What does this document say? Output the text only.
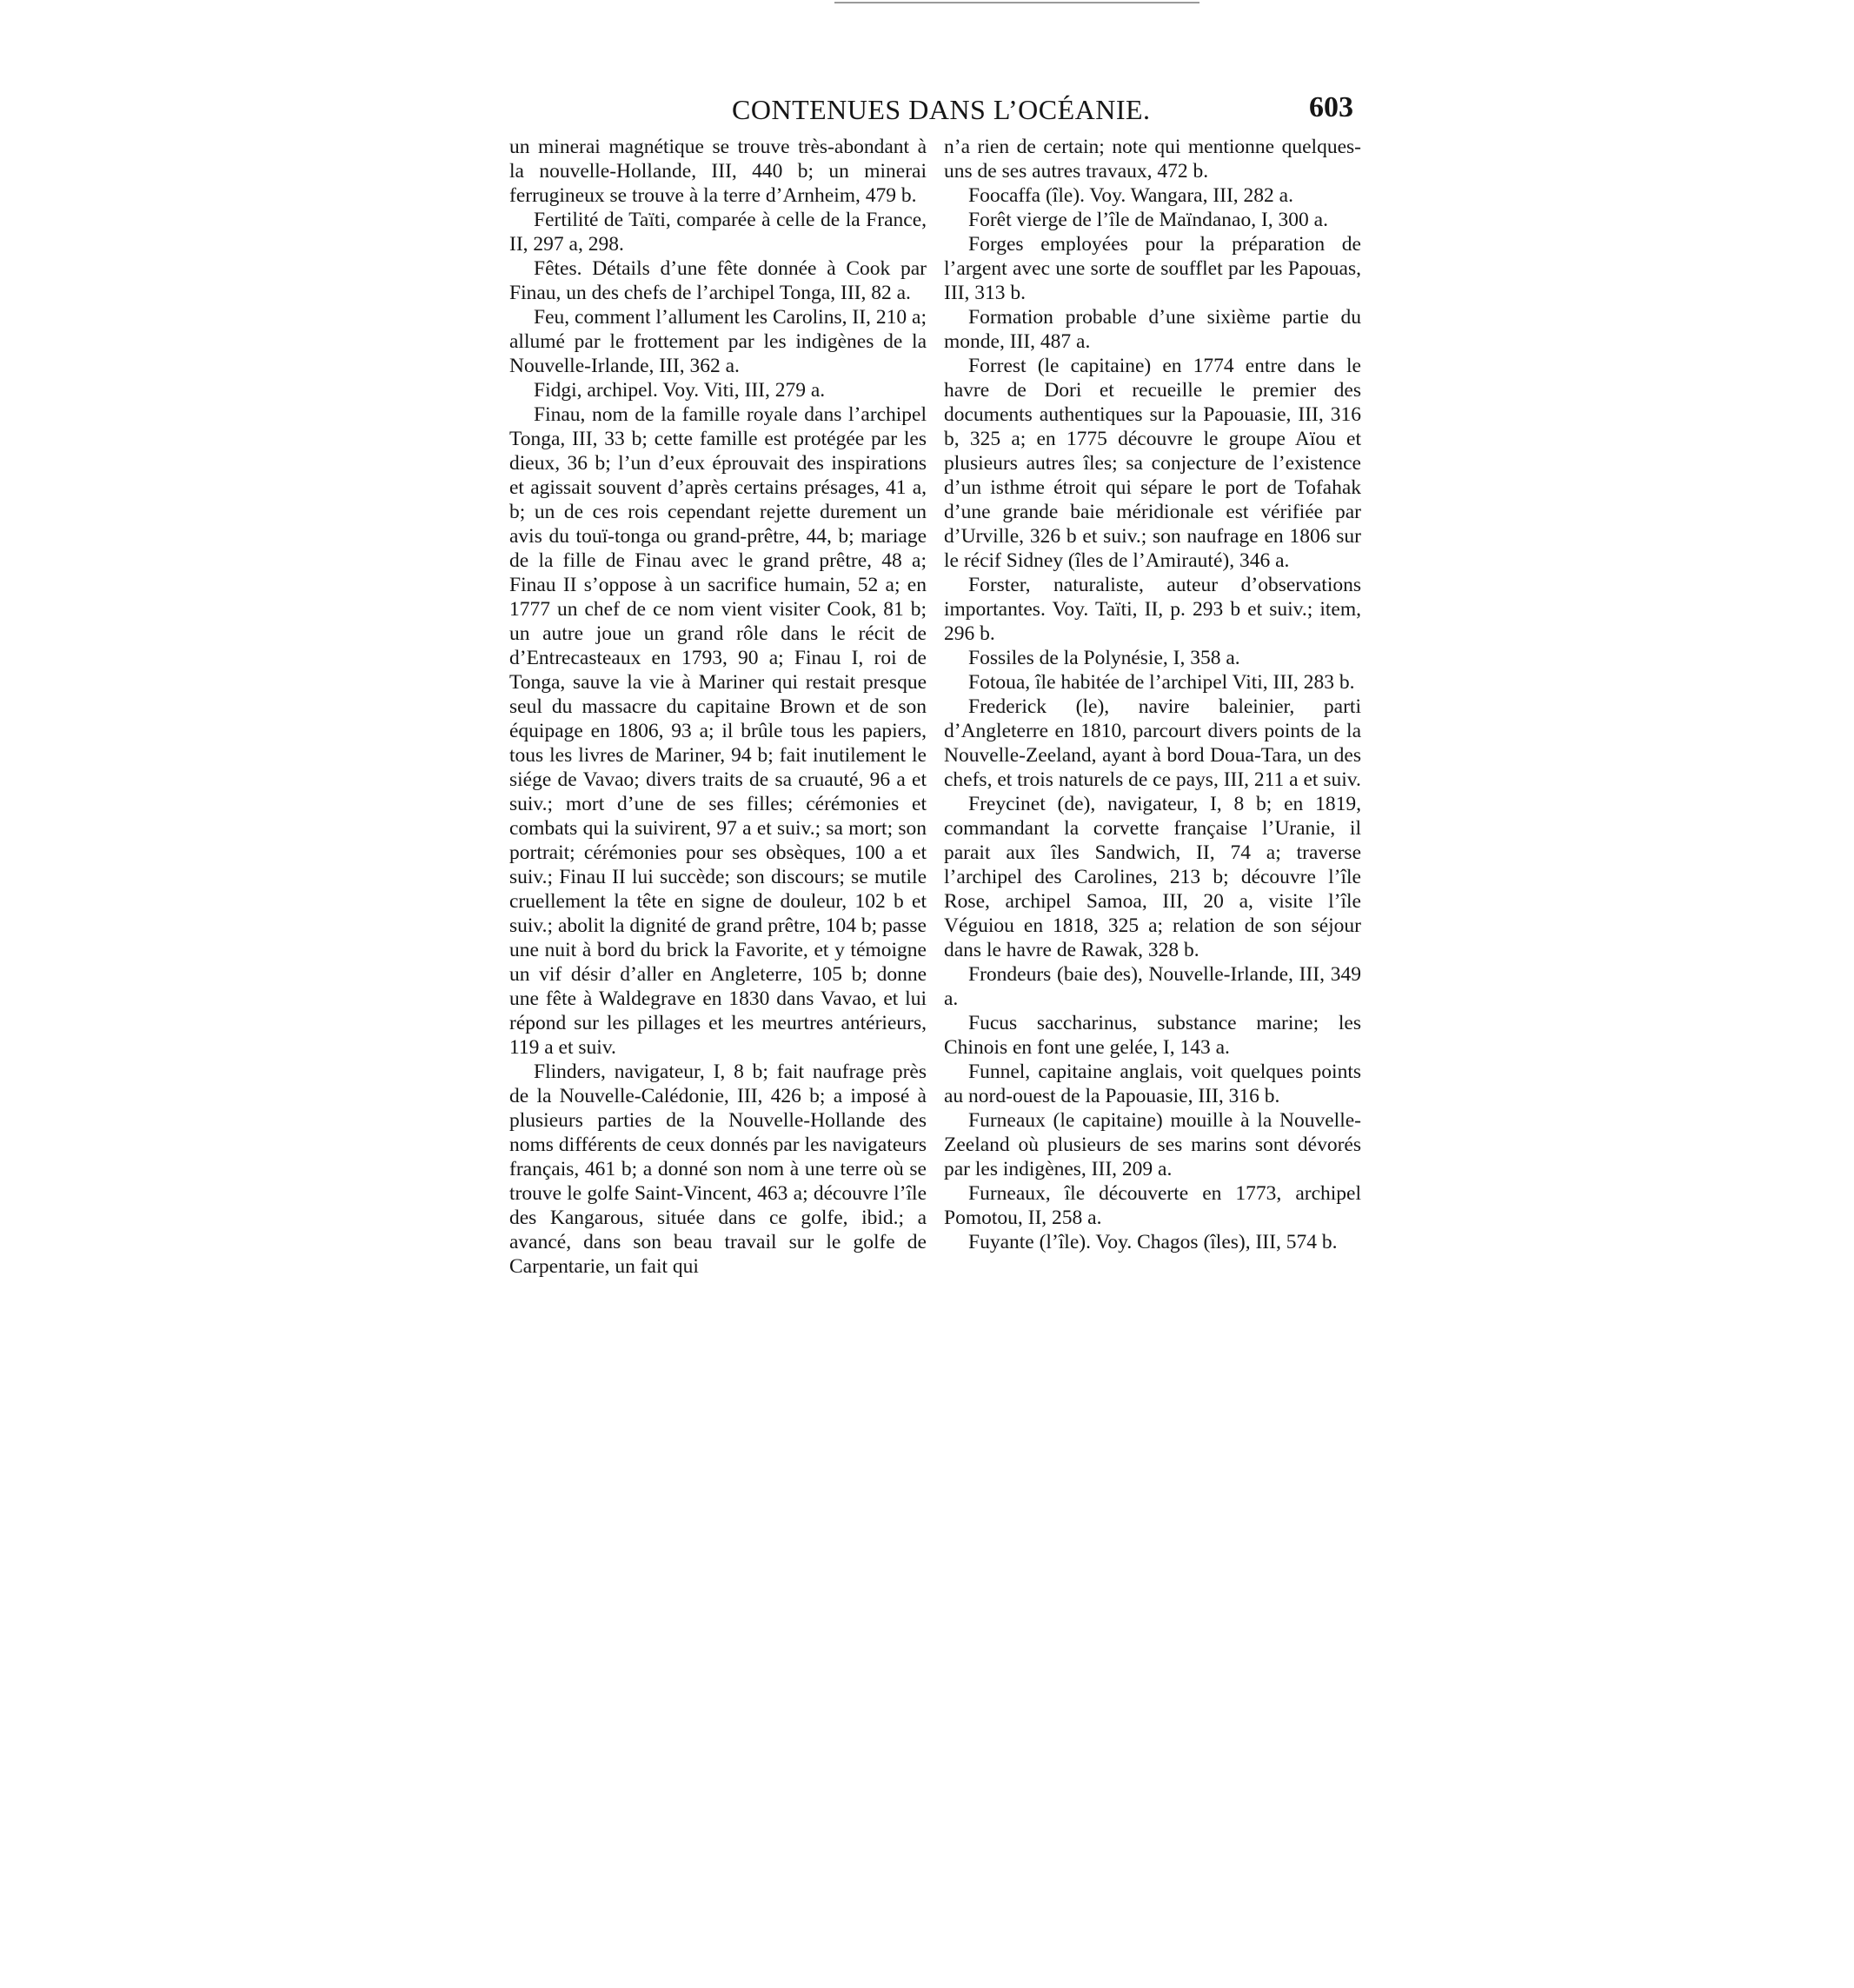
CONTENUES DANS L’OCÉANIE.	603

un minerai magnétique se trouve très-abondant à la nouvelle-Hollande, III, 440 b; un minerai ferrugineux se trouve à la terre d’Arnheim, 479 b.

Fertilité de Taïti, comparée à celle de la France, II, 297 a, 298.

Fêtes. Détails d’une fête donnée à Cook par Finau, un des chefs de l’archipel Tonga, III, 82 a.

Feu, comment l’allument les Carolins, II, 210 a; allumé par le frottement par les indigènes de la Nouvelle-Irlande, III, 362 a.

Fidgi, archipel. Voy. Viti, III, 279 a.

Finau, nom de la famille royale dans l’archipel Tonga, III, 33 b; cette famille est protégée par les dieux, 36 b; l’un d’eux éprouvait des inspirations et agissait souvent d’après certains présages, 41 a, b; un de ces rois cependant rejette durement un avis du touï-tonga ou grand-prêtre, 44, b; mariage de la fille de Finau avec le grand prêtre, 48 a; Finau II s’oppose à un sacrifice humain, 52 a; en 1777 un chef de ce nom vient visiter Cook, 81 b; un autre joue un grand rôle dans le récit de d’Entrecasteaux en 1793, 90 a; Finau I, roi de Tonga, sauve la vie à Mariner qui restait presque seul du massacre du capitaine Brown et de son équipage en 1806, 93 a; il brûle tous les papiers, tous les livres de Mariner, 94 b; fait inutilement le siége de Vavao; divers traits de sa cruauté, 96 a et suiv.; mort d’une de ses filles; cérémonies et combats qui la suivirent, 97 a et suiv.; sa mort; son portrait; cérémonies pour ses obsèques, 100 a et suiv.; Finau II lui succède; son discours; se mutile cruellement la tête en signe de douleur, 102 b et suiv.; abolit la dignité de grand prêtre, 104 b; passe une nuit à bord du brick la Favorite, et y témoigne un vif désir d’aller en Angleterre, 105 b; donne une fête à Waldegrave en 1830 dans Vavao, et lui répond sur les pillages et les meurtres antérieurs, 119 a et suiv.

Flinders, navigateur, I, 8 b; fait naufrage près de la Nouvelle-Calédonie, III, 426 b; a imposé à plusieurs parties de la Nouvelle-Hollande des noms différents de ceux donnés par les navigateurs français, 461 b; a donné son nom à une terre où se trouve le golfe Saint-Vincent, 463 a; découvre l’île des Kangarous, située dans ce golfe, ibid.; a avancé, dans son beau travail sur le golfe de Carpentarie, un fait qui

n’a rien de certain; note qui mentionne quelques-uns de ses autres travaux, 472 b.

Foocaffa (île). Voy. Wangara, III, 282 a.

Forêt vierge de l’île de Maïndanao, I, 300 a.

Forges employées pour la préparation de l’argent avec une sorte de soufflet par les Papouas, III, 313 b.

Formation probable d’une sixième partie du monde, III, 487 a.

Forrest (le capitaine) en 1774 entre dans le havre de Dori et recueille le premier des documents authentiques sur la Papouasie, III, 316 b, 325 a; en 1775 découvre le groupe Aïou et plusieurs autres îles; sa conjecture de l’existence d’un isthme étroit qui sépare le port de Tofahak d’une grande baie méridionale est vérifiée par d’Urville, 326 b et suiv.; son naufrage en 1806 sur le récif Sidney (îles de l’Amirauté), 346 a.

Forster, naturaliste, auteur d’observations importantes. Voy. Taïti, II, p. 293 b et suiv.; item, 296 b.

Fossiles de la Polynésie, I, 358 a.

Fotoua, île habitée de l’archipel Viti, III, 283 b.

Frederick (le), navire baleinier, parti d’Angleterre en 1810, parcourt divers points de la Nouvelle-Zeeland, ayant à bord Doua-Tara, un des chefs, et trois naturels de ce pays, III, 211 a et suiv.

Freycinet (de), navigateur, I, 8 b; en 1819, commandant la corvette française l’Uranie, il parait aux îles Sandwich, II, 74 a; traverse l’archipel des Carolines, 213 b; découvre l’île Rose, archipel Samoa, III, 20 a, visite l’île Véguiou en 1818, 325 a; relation de son séjour dans le havre de Rawak, 328 b.

Frondeurs (baie des), Nouvelle-Irlande, III, 349 a.

Fucus saccharinus, substance marine; les Chinois en font une gelée, I, 143 a.

Funnel, capitaine anglais, voit quelques points au nord-ouest de la Papouasie, III, 316 b.

Furneaux (le capitaine) mouille à la Nouvelle-Zeeland où plusieurs de ses marins sont dévorés par les indigènes, III, 209 a.

Furneaux, île découverte en 1773, archipel Pomotou, II, 258 a.

Fuyante (l’île). Voy. Chagos (îles), III, 574 b.
